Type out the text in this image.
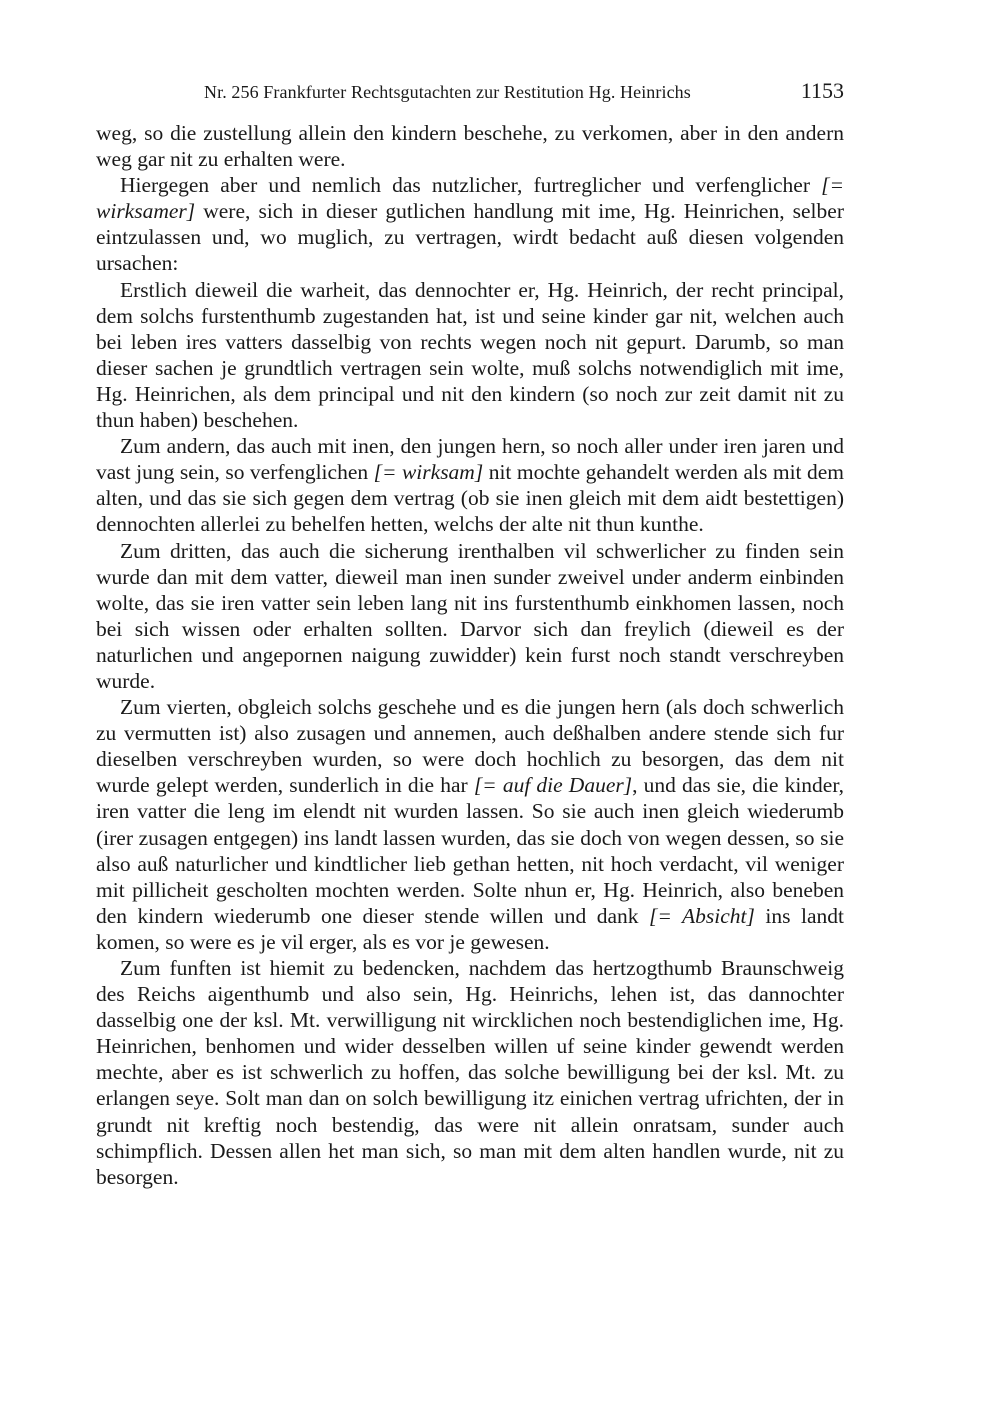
Nr. 256 Frankfurter Rechtsgutachten zur Restitution Hg. Heinrichs	1153

weg, so die zustellung allein den kindern beschehe, zu verkomen, aber in den andern weg gar nit zu erhalten were.

Hiergegen aber und nemlich das nutzlicher, furtreglicher und verfenglicher [= wirksamer] were, sich in dieser gutlichen handlung mit ime, Hg. Heinrichen, selber eintzulassen und, wo muglich, zu vertragen, wirdt bedacht auß diesen volgenden ursachen:

Erstlich dieweil die warheit, das dennochter er, Hg. Heinrich, der recht principal, dem solchs furstenthumb zugestanden hat, ist und seine kinder gar nit, welchen auch bei leben ires vatters dasselbig von rechts wegen noch nit gepurt. Darumb, so man dieser sachen je grundtlich vertragen sein wolte, muß solchs notwendiglich mit ime, Hg. Heinrichen, als dem principal und nit den kindern (so noch zur zeit damit nit zu thun haben) beschehen.

Zum andern, das auch mit inen, den jungen hern, so noch aller under iren jaren und vast jung sein, so verfenglichen [= wirksam] nit mochte gehandelt werden als mit dem alten, und das sie sich gegen dem vertrag (ob sie inen gleich mit dem aidt bestettigen) dennochten allerlei zu behelfen hetten, welchs der alte nit thun kunthe.

Zum dritten, das auch die sicherung irenthalben vil schwerlicher zu finden sein wurde dan mit dem vatter, dieweil man inen sunder zweivel under anderm einbinden wolte, das sie iren vatter sein leben lang nit ins furstenthumb einkhomen lassen, noch bei sich wissen oder erhalten sollten. Darvor sich dan freylich (dieweil es der naturlichen und angepornen naigung zuwidder) kein furst noch standt verschreyben wurde.

Zum vierten, obgleich solchs geschehe und es die jungen hern (als doch schwerlich zu vermutten ist) also zusagen und annemen, auch deßhalben andere stende sich fur dieselben verschreyben wurden, so were doch hochlich zu besorgen, das dem nit wurde gelept werden, sunderlich in die har [= auf die Dauer], und das sie, die kinder, iren vatter die leng im elendt nit wurden lassen. So sie auch inen gleich wiederumb (irer zusagen entgegen) ins landt lassen wurden, das sie doch von wegen dessen, so sie also auß naturlicher und kindtlicher lieb gethan hetten, nit hoch verdacht, vil weniger mit pillicheit gescholten mochten werden. Solte nhun er, Hg. Heinrich, also beneben den kindern wiederumb one dieser stende willen und dank [= Absicht] ins landt komen, so were es je vil erger, als es vor je gewesen.

Zum funften ist hiemit zu bedencken, nachdem das hertzogthumb Braunschweig des Reichs aigenthumb und also sein, Hg. Heinrichs, lehen ist, das dannochter dasselbig one der ksl. Mt. verwilligung nit wircklichen noch bestendiglichen ime, Hg. Heinrichen, benhomen und wider desselben willen uf seine kinder gewendt werden mechte, aber es ist schwerlich zu hoffen, das solche bewilligung bei der ksl. Mt. zu erlangen seye. Solt man dan on solch bewilligung itz einichen vertrag ufrichten, der in grundt nit kreftig noch bestendig, das were nit allein onratsam, sunder auch schimpflich. Dessen allen het man sich, so man mit dem alten handlen wurde, nit zu besorgen.
